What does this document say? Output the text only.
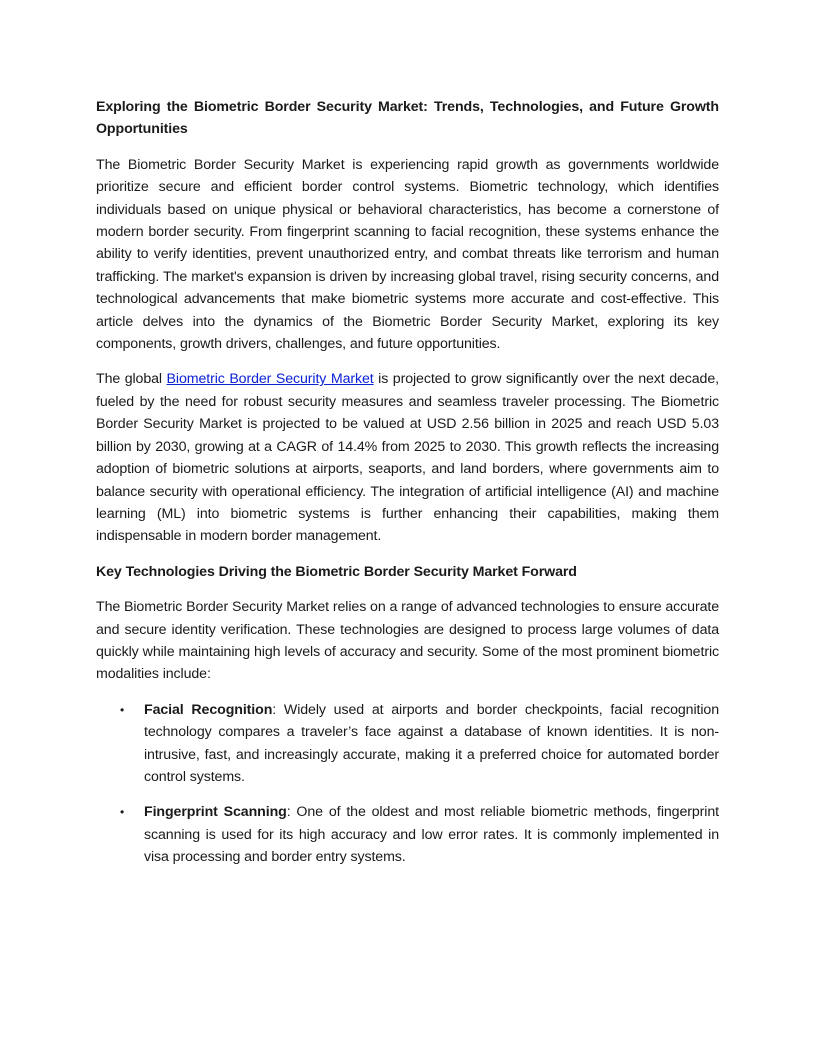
Exploring the Biometric Border Security Market: Trends, Technologies, and Future Growth Opportunities

The Biometric Border Security Market is experiencing rapid growth as governments worldwide prioritize secure and efficient border control systems. Biometric technology, which identifies individuals based on unique physical or behavioral characteristics, has become a cornerstone of modern border security. From fingerprint scanning to facial recognition, these systems enhance the ability to verify identities, prevent unauthorized entry, and combat threats like terrorism and human trafficking. The market's expansion is driven by increasing global travel, rising security concerns, and technological advancements that make biometric systems more accurate and cost-effective. This article delves into the dynamics of the Biometric Border Security Market, exploring its key components, growth drivers, challenges, and future opportunities.

The global Biometric Border Security Market is projected to grow significantly over the next decade, fueled by the need for robust security measures and seamless traveler processing. The Biometric Border Security Market is projected to be valued at USD 2.56 billion in 2025 and reach USD 5.03 billion by 2030, growing at a CAGR of 14.4% from 2025 to 2030. This growth reflects the increasing adoption of biometric solutions at airports, seaports, and land borders, where governments aim to balance security with operational efficiency. The integration of artificial intelligence (AI) and machine learning (ML) into biometric systems is further enhancing their capabilities, making them indispensable in modern border management.

Key Technologies Driving the Biometric Border Security Market Forward

The Biometric Border Security Market relies on a range of advanced technologies to ensure accurate and secure identity verification. These technologies are designed to process large volumes of data quickly while maintaining high levels of accuracy and security. Some of the most prominent biometric modalities include:

• Facial Recognition: Widely used at airports and border checkpoints, facial recognition technology compares a traveler’s face against a database of known identities. It is non-intrusive, fast, and increasingly accurate, making it a preferred choice for automated border control systems.
• Fingerprint Scanning: One of the oldest and most reliable biometric methods, fingerprint scanning is used for its high accuracy and low error rates. It is commonly implemented in visa processing and border entry systems.
